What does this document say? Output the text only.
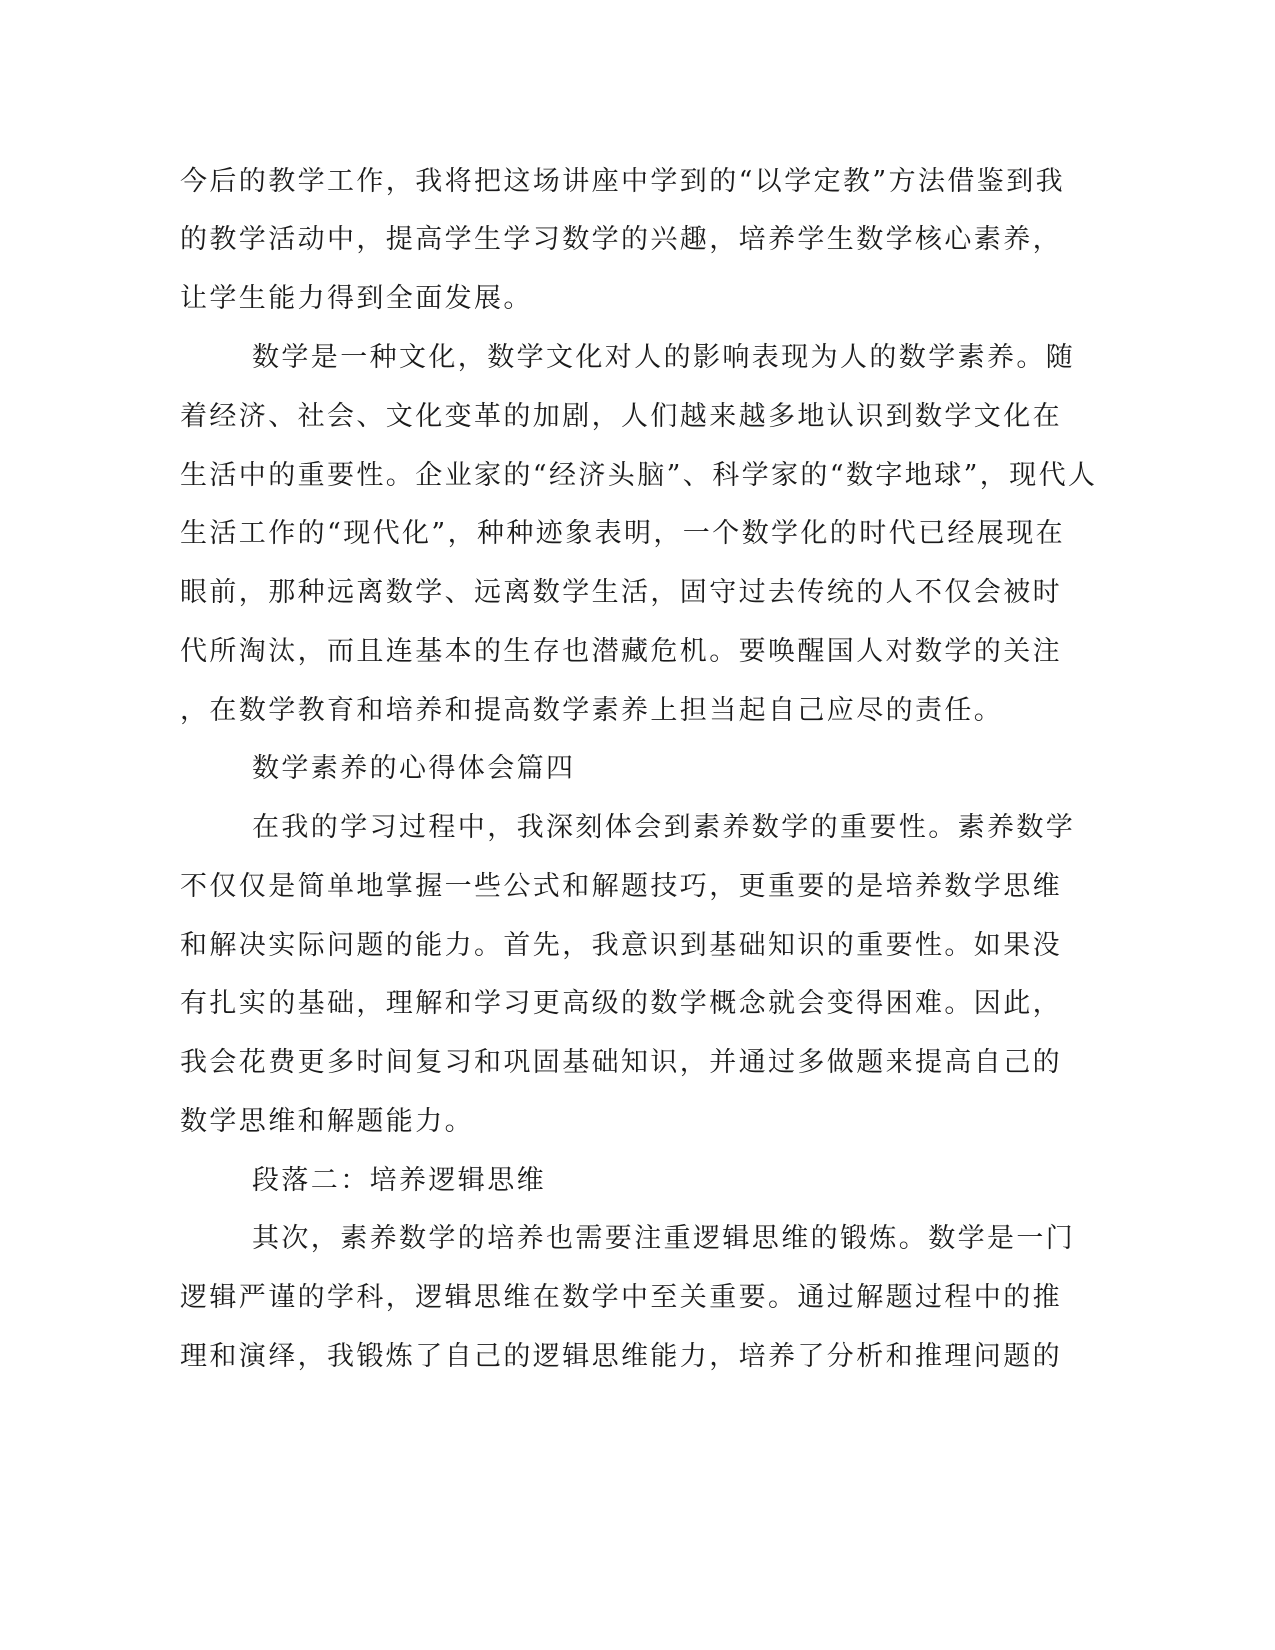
今后的教学工作，我将把这场讲座中学到的“以学定教”方法借鉴到我
的教学活动中，提高学生学习数学的兴趣，培养学生数学核心素养，
让学生能力得到全面发展。
数学是一种文化，数学文化对人的影响表现为人的数学素养。随
着经济、社会、文化变革的加剧，人们越来越多地认识到数学文化在
生活中的重要性。企业家的“经济头脑”、科学家的“数字地球”，现代人
生活工作的“现代化”，种种迹象表明，一个数学化的时代已经展现在
眼前，那种远离数学、远离数学生活，固守过去传统的人不仅会被时
代所淘汰，而且连基本的生存也潜藏危机。要唤醒国人对数学的关注
，在数学教育和培养和提高数学素养上担当起自己应尽的责任。
数学素养的心得体会篇四
在我的学习过程中，我深刻体会到素养数学的重要性。素养数学
不仅仅是简单地掌握一些公式和解题技巧，更重要的是培养数学思维
和解决实际问题的能力。首先，我意识到基础知识的重要性。如果没
有扎实的基础，理解和学习更高级的数学概念就会变得困难。因此，
我会花费更多时间复习和巩固基础知识，并通过多做题来提高自己的
数学思维和解题能力。
段落二：培养逻辑思维
其次，素养数学的培养也需要注重逻辑思维的锻炼。数学是一门
逻辑严谨的学科，逻辑思维在数学中至关重要。通过解题过程中的推
理和演绎，我锻炼了自己的逻辑思维能力，培养了分析和推理问题的
